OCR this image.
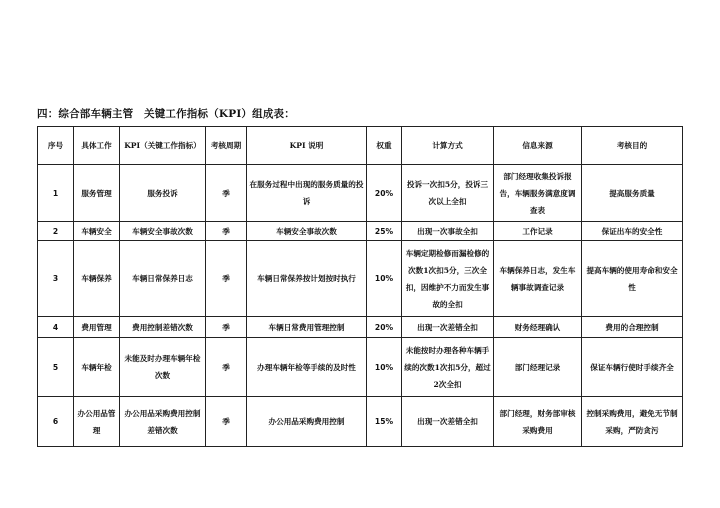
四：综合部车辆主管　关键工作指标（KPI）组成表：
序号	具体工作	KPI（关键工作指标）	考核周期	KPI 说明	权重	计算方式	信息来源	考核目的
1	服务管理	服务投诉	季	在服务过程中出现的服务质量的投诉	20%	投诉一次扣5分，投诉三次以上全扣	部门经理收集投诉报告，车辆服务满意度调查表	提高服务质量
2	车辆安全	车辆安全事故次数	季	车辆安全事故次数	25%	出现一次事故全扣	工作记录	保证出车的安全性
3	车辆保养	车辆日常保养日志	季	车辆日常保养按计划按时执行	10%	车辆定期检修而漏检修的次数1次扣5分，三次全扣，因维护不力而发生事故的全扣	车辆保养日志，发生车辆事故调查记录	提高车辆的使用寿命和安全性
4	费用管理	费用控制差错次数	季	车辆日常费用管理控制	20%	出现一次差错全扣	财务经理确认	费用的合理控制
5	车辆年检	未能及时办理车辆年检次数	季	办理车辆年检等手续的及时性	10%	未能按时办理各种车辆手续的次数1次扣5分，超过2次全扣	部门经理记录	保证车辆行使时手续齐全
6	办公用品管理	办公用品采购费用控制差错次数	季	办公用品采购费用控制	15%	出现一次差错全扣	部门经理，财务部审核采购费用	控制采购费用，避免无节制采购，严防贪污
